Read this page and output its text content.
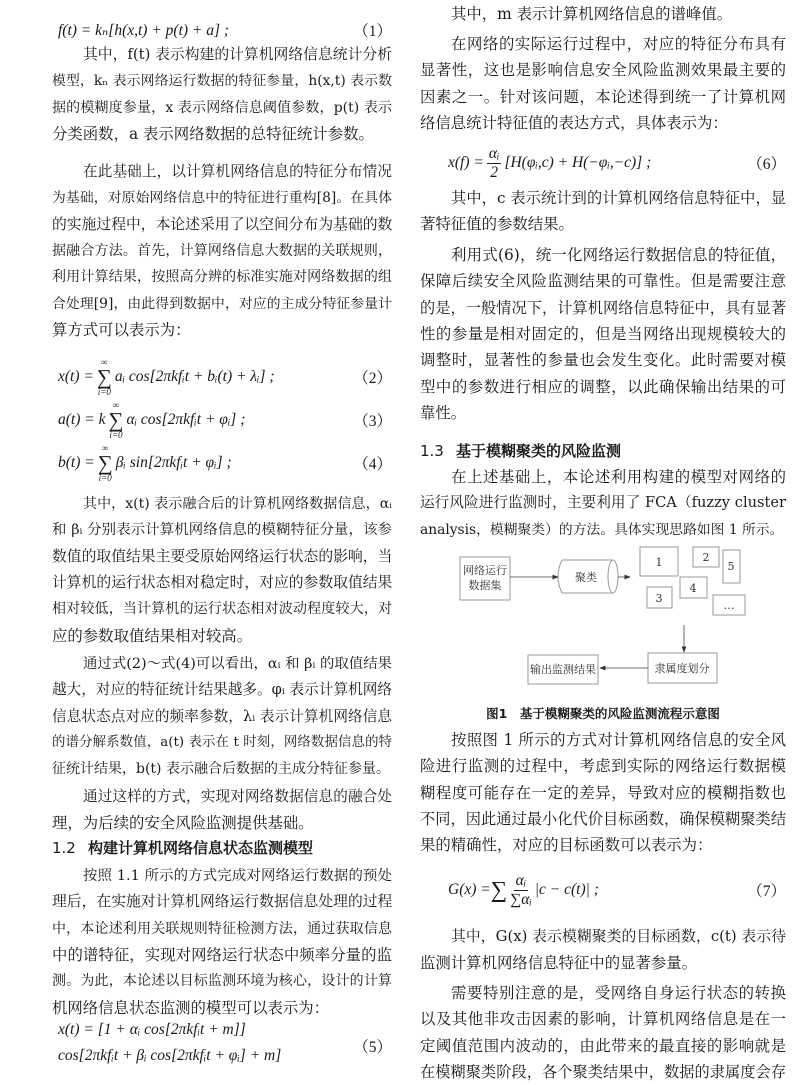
f(t) = kₙ[h(x,t) + p(t) + a] ;	（1）
其中，f(t) 表示构建的计算机网络信息统计分析
模型，kₙ 表示网络运行数据的特征参量，h(x,t) 表示数
据的模糊度参量，x 表示网络信息阈值参数，p(t) 表示
分类函数，a 表示网络数据的总特征统计参数。
在此基础上，以计算机网络信息的特征分布情况
为基础，对原始网络信息中的特征进行重构[8]。在具体
的实施过程中，本论述采用了以空间分布为基础的数
据融合方法。首先，计算网络信息大数据的关联规则，
利用计算结果，按照高分辨的标准实施对网络数据的组
合处理[9]，由此得到数据中，对应的主成分特征参量计
算方式可以表示为：
x(t) =
∞
∑
i=0
aᵢ cos[2πkfᵢt + bᵢ(t) + λᵢ] ;	（2）
a(t) = k
∞
∑
i=0
αᵢ cos[2πkfᵢt + φᵢ] ;	（3）
b(t) =
∞
∑
i=0
βᵢ sin[2πkfᵢt + φᵢ] ;	（4）
其中，x(t) 表示融合后的计算机网络数据信息，αᵢ
和 βᵢ 分别表示计算机网络信息的模糊特征分量，该参
数值的取值结果主要受原始网络运行状态的影响，当
计算机的运行状态相对稳定时，对应的参数取值结果
相对较低，当计算机的运行状态相对波动程度较大，对
应的参数取值结果相对较高。
通过式(2)～式(4)可以看出，αᵢ 和 βᵢ 的取值结果
越大，对应的特征统计结果越多。φᵢ 表示计算机网络
信息状态点对应的频率参数，λᵢ 表示计算机网络信息
的谱分解系数值，a(t) 表示在 t 时刻，网络数据信息的特
征统计结果，b(t) 表示融合后数据的主成分特征参量。
通过这样的方式，实现对网络数据信息的融合处
理，为后续的安全风险监测提供基础。
1.2 构建计算机网络信息状态监测模型
按照 1.1 所示的方式完成对网络运行数据的预处
理后，在实施对计算机网络运行数据信息处理的过程
中，本论述利用关联规则特征检测方法，通过获取信息
中的谱特征，实现对网络运行状态中频率分量的监
测。为此，本论述以目标监测环境为核心，设计的计算
机网络信息状态监测的模型可以表示为：
x(t) = [1 + αᵢ cos[2πkfᵢt + m]]
cos[2πkfᵢt + βᵢ cos[2πkfᵢt + φᵢ] + m]	（5）
其中，m 表示计算机网络信息的谱峰值。
在网络的实际运行过程中，对应的特征分布具有
显著性，这也是影响信息安全风险监测效果最主要的
因素之一。针对该问题，本论述得到统一了计算机网
络信息统计特征值的表达方式，具体表示为：
$x(f) = \frac{\text{αᵢ}}{2}$ [H(φᵢ,c) + H(−φᵢ,−c)] ;	（6）
其中，c 表示统计到的计算机网络信息特征中，显
著特征值的参数结果。
利用式(6)，统一化网络运行数据信息的特征值，
保障后续安全风险监测结果的可靠性。但是需要注意
的是，一般情况下，计算机网络信息特征中，具有显著
性的参量是相对固定的，但是当网络出现规模较大的
调整时，显著性的参量也会发生变化。此时需要对模
型中的参数进行相应的调整，以此确保输出结果的可
靠性。
1.3 基于模糊聚类的风险监测
在上述基础上，本论述利用构建的模型对网络的
运行风险进行监测时，主要利用了 FCA（fuzzy cluster
analysis，模糊聚类）的方法。具体实现思路如图 1 所示。
按照图 1 所示的方式对计算机网络信息的安全风
险进行监测的过程中，考虑到实际的网络运行数据模
糊程度可能存在一定的差异，导致对应的模糊指数也
不同，因此通过最小化代价目标函数，确保模糊聚类结
果的精确性，对应的目标函数可以表示为：
G(x) = ∑ $\frac{\text{αᵢ}}{\text{∑αᵢ}} |c - c(t)|$ ;	（7）
其中，G(x) 表示模糊聚类的目标函数，c(t) 表示待
监测计算机网络信息特征中的显著参量。
需要特别注意的是，受网络自身运行状态的转换
以及其他非攻击因素的影响，计算机网络信息是在一
定阈值范围内波动的，由此带来的最直接的影响就是
在模糊聚类阶段，各个聚类结果中，数据的隶属度会存
网络运行
数据集
聚类
1	2
3
4
5
…
隶属度划分
输出监测结果
图1　基于模糊聚类的风险监测流程示意图
